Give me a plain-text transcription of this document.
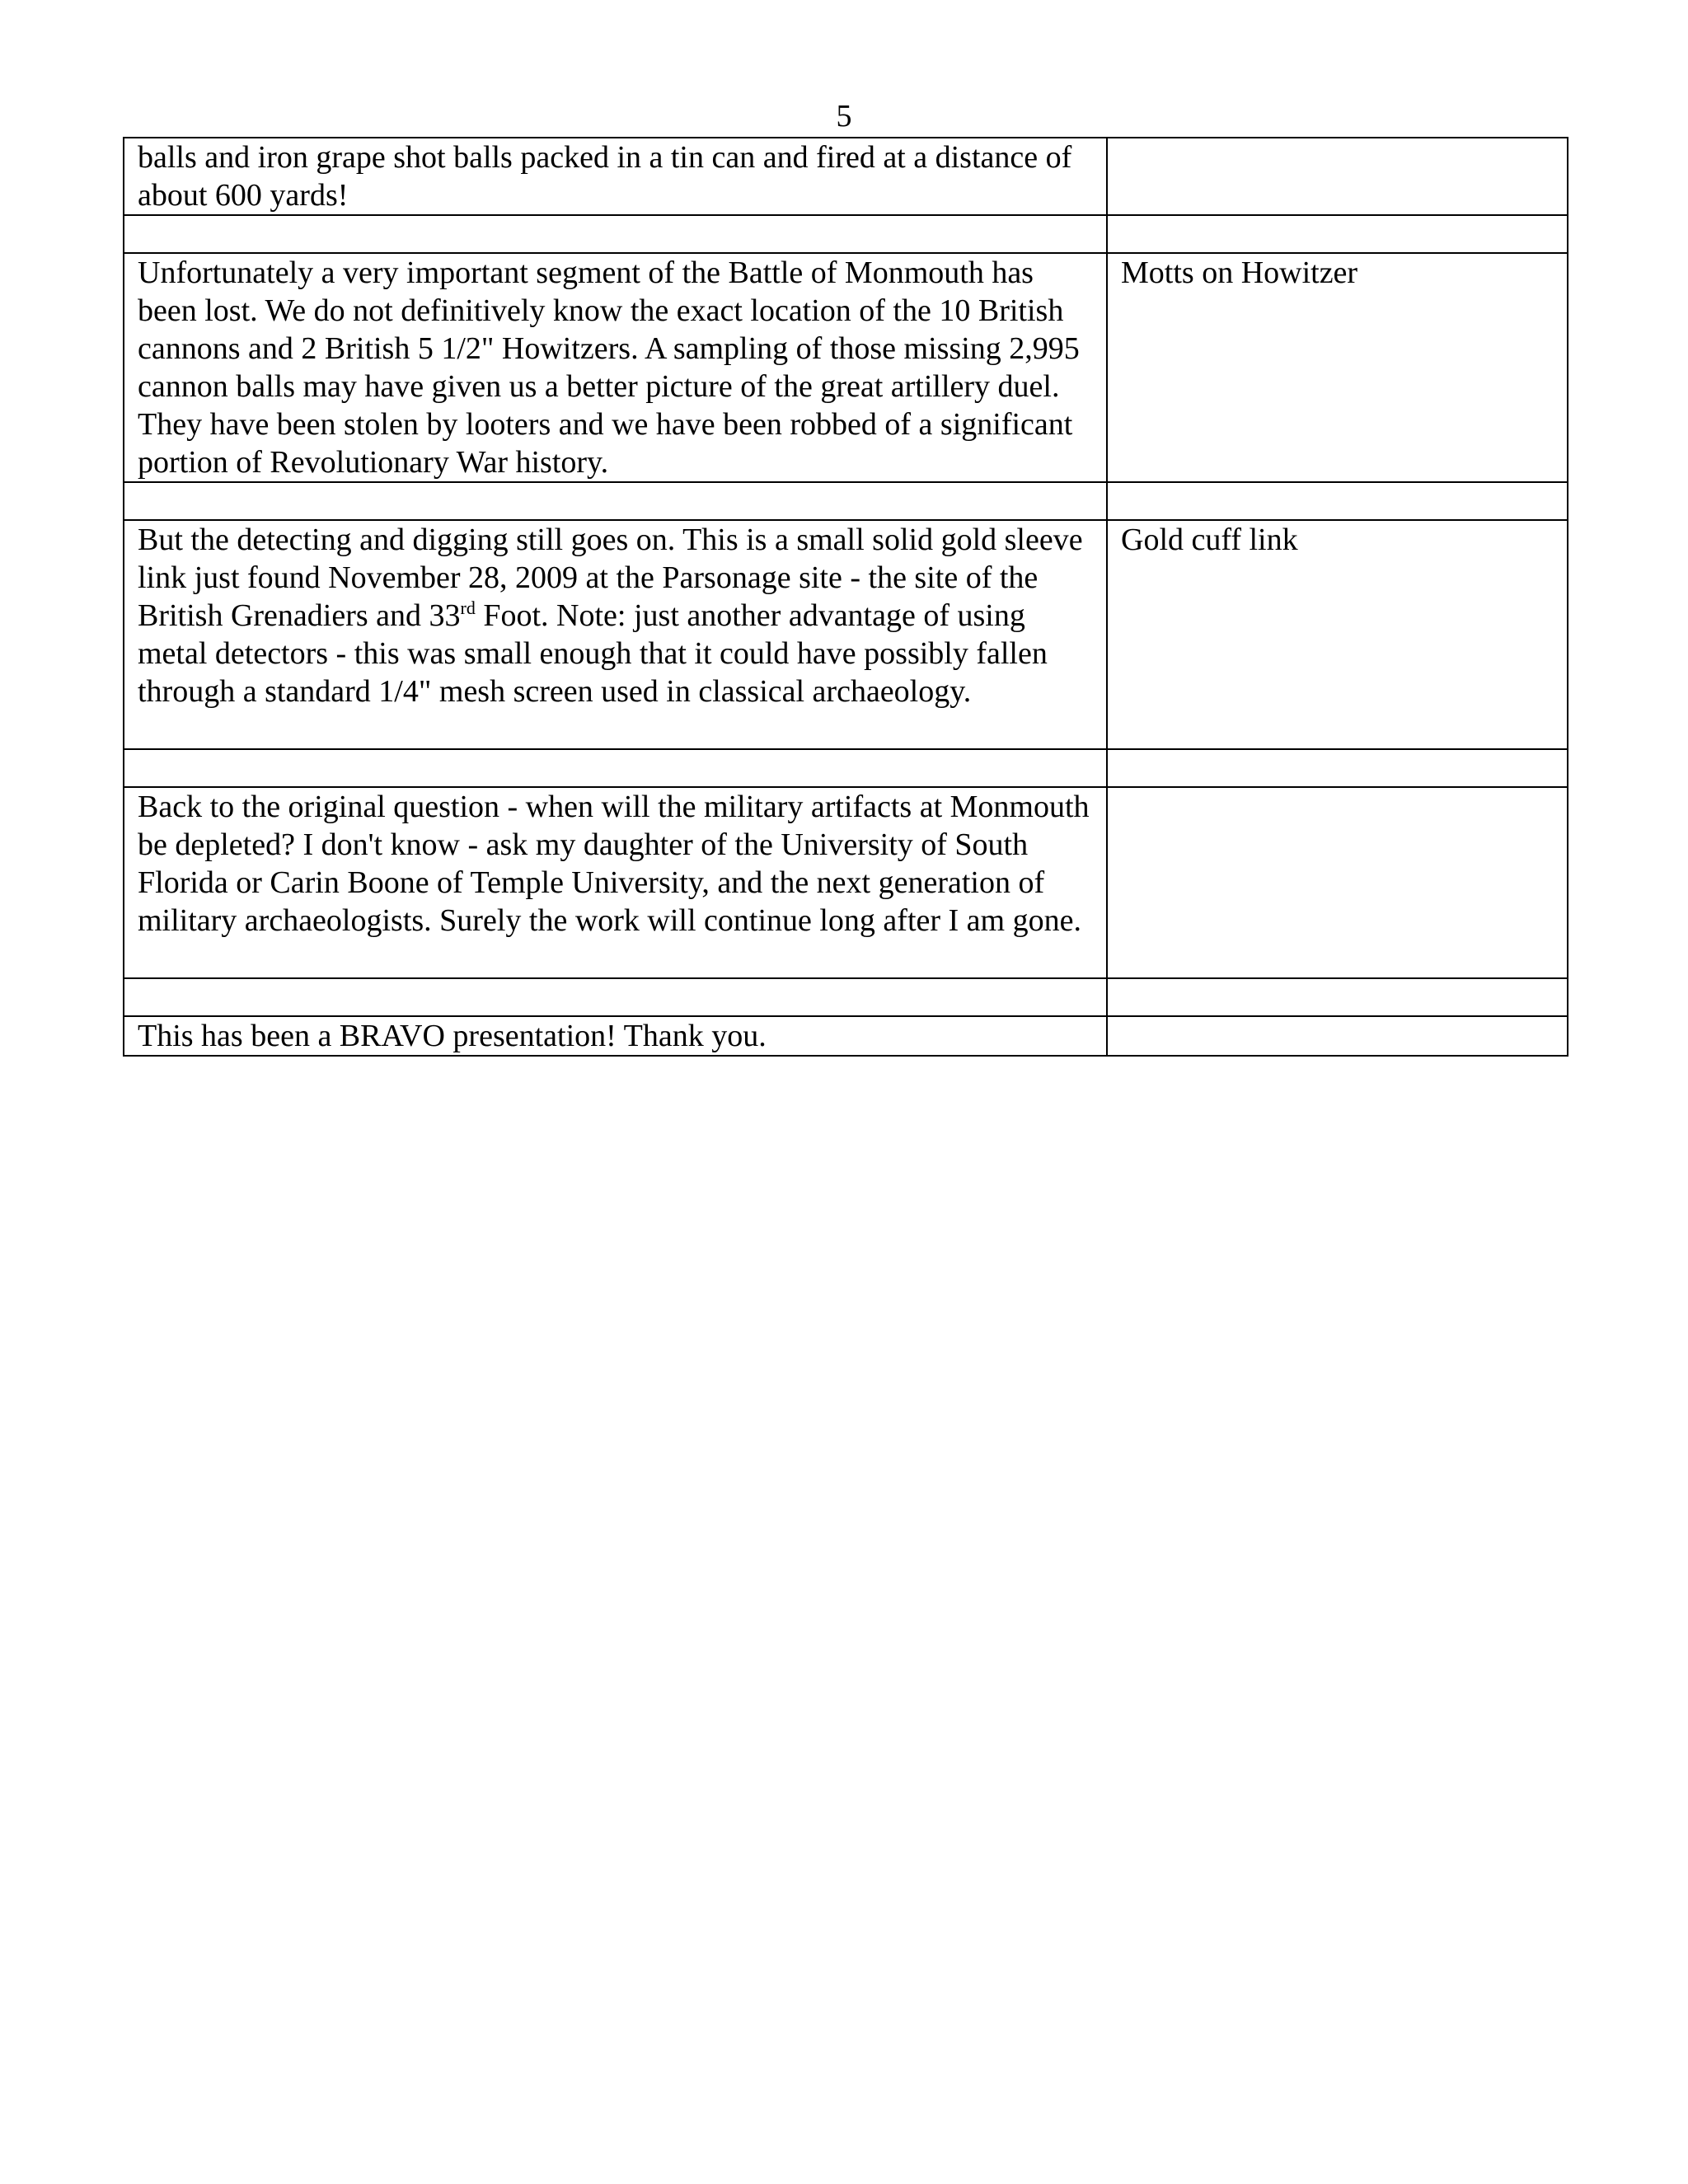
5
balls and iron grape shot balls packed in a tin can and fired at a distance of about 600 yards!	

Unfortunately a very important segment of the Battle of Monmouth has been lost. We do not definitively know the exact location of the 10 British cannons and 2 British 5 1/2" Howitzers. A sampling of those missing 2,995 cannon balls may have given us a better picture of the great artillery duel. They have been stolen by looters and we have been robbed of a significant portion of Revolutionary War history.	Motts on Howitzer

But the detecting and digging still goes on. This is a small solid gold sleeve link just found November 28, 2009 at the Parsonage site - the site of the British Grenadiers and 33rd Foot. Note: just another advantage of using metal detectors - this was small enough that it could have possibly fallen through a standard 1/4" mesh screen used in classical archaeology.	Gold cuff link

Back to the original question - when will the military artifacts at Monmouth be depleted? I don't know - ask my daughter of the University of South Florida or Carin Boone of Temple University, and the next generation of military archaeologists. Surely the work will continue long after I am gone.	

This has been a BRAVO presentation! Thank you.	
